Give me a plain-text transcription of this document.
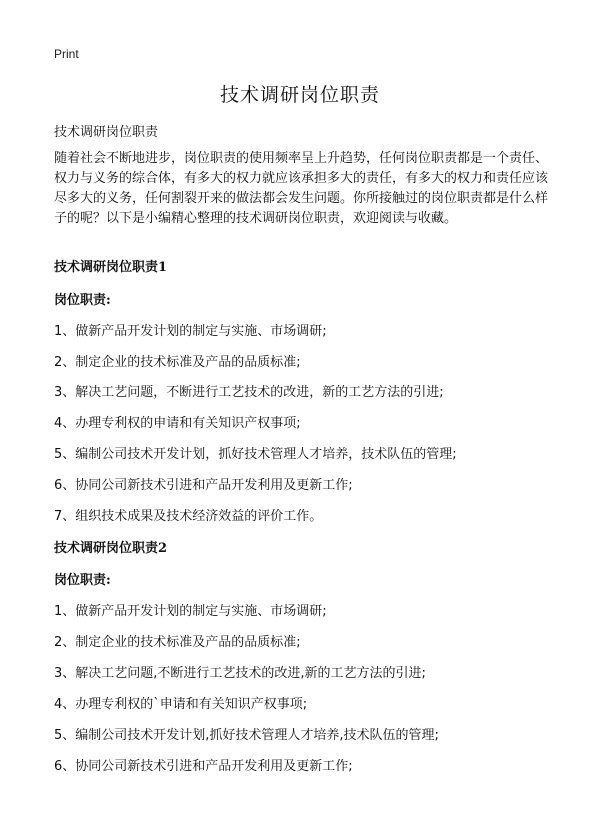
Print
技术调研岗位职责
技术调研岗位职责

随着社会不断地进步，岗位职责的使用频率呈上升趋势，任何岗位职责都是一个责任、权力与义务的综合体，有多大的权力就应该承担多大的责任，有多大的权力和责任应该尽多大的义务，任何割裂开来的做法都会发生问题。你所接触过的岗位职责都是什么样子的呢？以下是小编精心整理的技术调研岗位职责，欢迎阅读与收藏。

技术调研岗位职责1
岗位职责:
1、做新产品开发计划的制定与实施、市场调研;
2、制定企业的技术标准及产品的品质标准;
3、解决工艺问题，不断进行工艺技术的改进，新的工艺方法的引进;
4、办理专利权的申请和有关知识产权事项;
5、编制公司技术开发计划，抓好技术管理人才培养，技术队伍的管理;
6、协同公司新技术引进和产品开发利用及更新工作;
7、组织技术成果及技术经济效益的评价工作。
技术调研岗位职责2
岗位职责:
1、做新产品开发计划的制定与实施、市场调研;
2、制定企业的技术标准及产品的品质标准;
3、解决工艺问题,不断进行工艺技术的改进,新的工艺方法的引进;
4、办理专利权的`申请和有关知识产权事项;
5、编制公司技术开发计划,抓好技术管理人才培养,技术队伍的管理;
6、协同公司新技术引进和产品开发利用及更新工作;
